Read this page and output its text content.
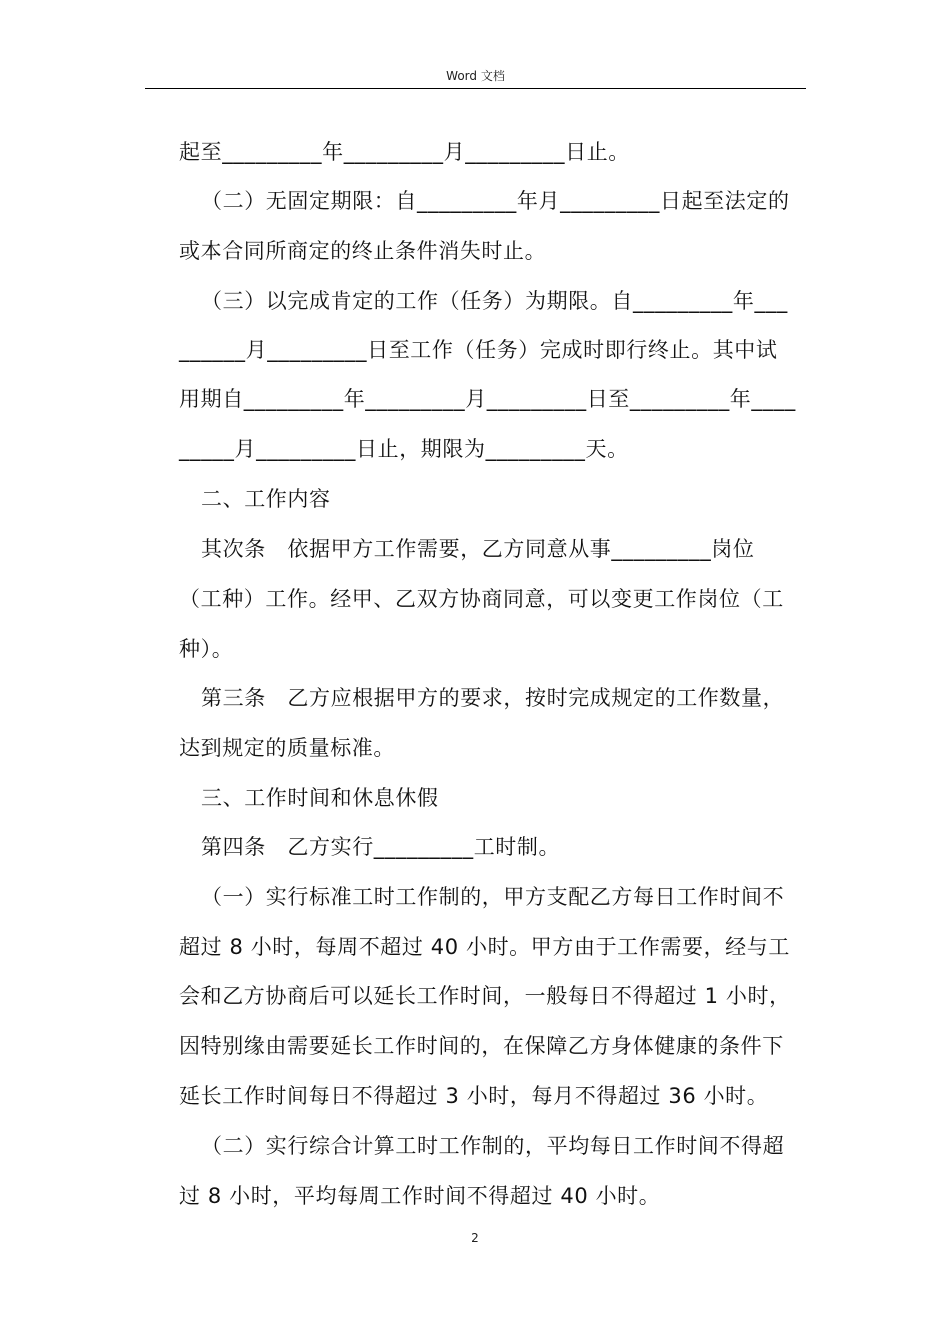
Word 文档
起至_________年_________月_________日止。
（二）无固定期限：自_________年月_________日起至法定的
或本合同所商定的终止条件消失时止。
（三）以完成肯定的工作（任务）为期限。自_________年___
______月_________日至工作（任务）完成时即行终止。其中试
用期自_________年_________月_________日至_________年____
_____月_________日止，期限为_________天。
二、工作内容
其次条　依据甲方工作需要，乙方同意从事_________岗位
（工种）工作。经甲、乙双方协商同意，可以变更工作岗位（工
种）。
第三条　乙方应根据甲方的要求，按时完成规定的工作数量，
达到规定的质量标准。
三、工作时间和休息休假
第四条　乙方实行_________工时制。
（一）实行标准工时工作制的，甲方支配乙方每日工作时间不
超过 8 小时，每周不超过 40 小时。甲方由于工作需要，经与工
会和乙方协商后可以延长工作时间，一般每日不得超过 1 小时，
因特别缘由需要延长工作时间的，在保障乙方身体健康的条件下
延长工作时间每日不得超过 3 小时，每月不得超过 36 小时。
（二）实行综合计算工时工作制的，平均每日工作时间不得超
过 8 小时，平均每周工作时间不得超过 40 小时。
2
